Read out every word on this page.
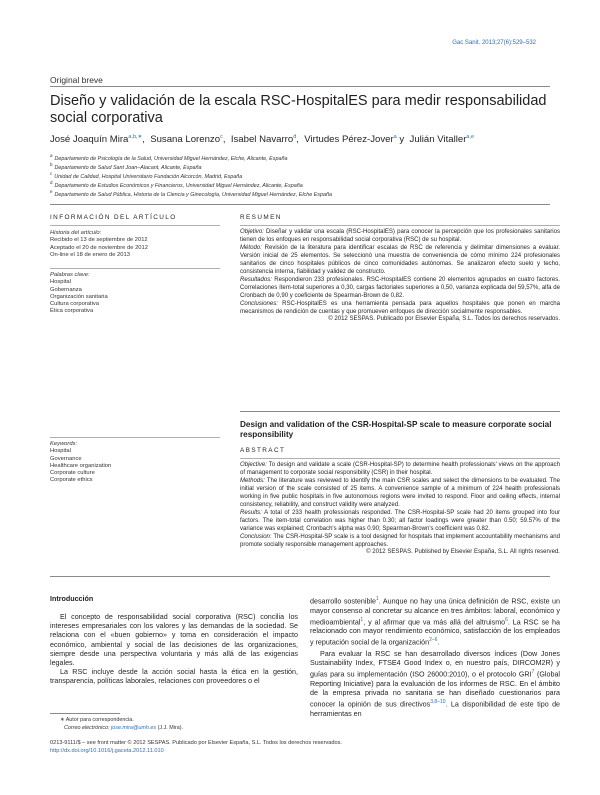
Gac Sanit. 2013;27(6):529–532
Original breve
Diseño y validación de la escala RSC-HospitalES para medir responsabilidad social corporativa
José Joaquín Mira$^{a,b,∗}$,  Susana Lorenzo$^c$,  Isabel Navarro$^d$,  Virtudes Pérez-Jover$^a$ y  Julián Vitaller$^{a,e}$
$^a$Departamento de Psicología de la Salud, Universidad Miguel Hernández, Elche, Alicante, España
$^b$Departamento de Salud Sant Joan–Alacant, Alicante, España
$^c$Unidad de Calidad, Hospital Universitario Fundación Alcorcón, Madrid, España
$^d$Departamento de Estudios Económicos y Financieros, Universidad Miguel Hernández, Alicante, España
$^e$Departamento de Salud Pública, Historia de la Ciencia y Ginecología, Universidad Miguel Hernández, Elche España
INFORMACIÓN DEL ARTÍCULO
Historia del artículo:
Recibido el 13 de septiembre de 2012
Aceptado el 20 de noviembre de 2012
On-line el 18 de enero de 2013
Palabras clave:
Hospital
Gobernanza
Organización sanitaria
Cultura corporativa
Ética corporativa
RESUMEN

Objetivo: Diseñar y validar una escala (RSC-HospitalES) para conocer la percepción que los profesionales sanitarios tienen de los enfoques en responsabilidad social corporativa (RSC) de su hospital.

Método: Revisión de la literatura para identificar escalas de RSC de referencia y delimitar dimensiones a evaluar. Versión inicial de 25 elementos. Se seleccionó una muestra de conveniencia de cómo mínimo 224 profesionales sanitarios de cinco hospitales públicos de cinco comunidades autónomas. Se analizaron efecto suelo y techo, consistencia interna, fiabilidad y validez de constructo.

Resultados: Respondieron 233 profesionales. RSC-HospitalES contiene 20 elementos agrupados en cuatro factores. Correlaciones ítem-total superiores a 0,30, cargas factoriales superiores a 0,50, varianza explicada del 59,57%, alfa de Cronbach de 0,90 y coeficiente de Spearman-Brown de 0,82.

Conclusiones: RSC-HospitalES es una herramienta pensada para aquellos hospitales que ponen en marcha mecanismos de rendición de cuentas y que promueven enfoques de dirección socialmente responsables.

© 2012 SESPAS. Publicado por Elsevier España, S.L. Todos los derechos reservados.

Design and validation of the CSR-Hospital-SP scale to measure corporate social responsibility
ABSTRACT
Keywords:
Hospital
Governance
Healthcare organization
Corporate culture
Corporate ethics

Objective: To design and validate a scale (CSR-Hospital-SP) to determine health professionals' views on the approach of management to corporate social responsibility (CSR) in their hospital.

Methods: The literature was reviewed to identify the main CSR scales and select the dimensions to be evaluated. The initial version of the scale consisted of 25 items. A convenience sample of a minimum of 224 health professionals working in five public hospitals in five autonomous regions were invited to respond. Floor and ceiling effects, internal consistency, reliability, and construct validity were analyzed.

Results: A total of 233 health professionals responded. The CSR-Hospital-SP scale had 20 items grouped into four factors. The item-total correlation was higher than 0.30; all factor loadings were greater than 0.50; 59.57% of the variance was explained; Cronbach's alpha was 0.90; Spearman-Brown's coefficient was 0.82.

Conclusion: The CSR-Hospital-SP scale is a tool designed for hospitals that implement accountability mechanisms and promote socially responsible management approaches.

© 2012 SESPAS. Published by Elsevier España, S.L. All rights reserved.

Introducción

El concepto de responsabilidad social corporativa (RSC) concilia los intereses empresariales con los valores y las demandas de la sociedad. Se relaciona con el «buen gobierno» y toma en consideración el impacto económico, ambiental y social de las decisiones de las organizaciones, siempre desde una perspectiva voluntaria y más allá de las exigencias legales.

La RSC incluye desde la acción social hasta la ética en la gestión, transparencia, políticas laborales, relaciones con proveedores o el

desarrollo sostenible$^1$. Aunque no hay una única definición de RSC, existe un mayor consenso al concretar su alcance en tres ámbitos: laboral, económico y medioambiental$^1$, y al afirmar que va más allá del altruismo$^6$. La RSC se ha relacionado con mayor rendimiento económico, satisfacción de los empleados y reputación social de la organización$^{2-6}$.

Para evaluar la RSC se han desarrollado diversos índices (Dow Jones Sustainability Index, FTSE4 Good Index o, en nuestro país, DIRCOM2R) y guías para su implementación (ISO 26000:2010), o el protocolo GRI$^7$ (Global Reporting Iniciative) para la evaluación de los informes de RSC. En el ámbito de la empresa privada no sanitaria se han diseñado cuestionarios para conocer la opinión de sus directivos$^{3,8-10}$. La disponibilidad de este tipo de herramientas en

∗ Autor para correspondencia.
Correo electrónico: jose.mira@umh.es (J.J. Mira).
0213-9111/$ – see front matter © 2012 SESPAS. Publicado por Elsevier España, S.L. Todos los derechos reservados.
http://dx.doi.org/10.1016/j.gaceta.2012.11.010
